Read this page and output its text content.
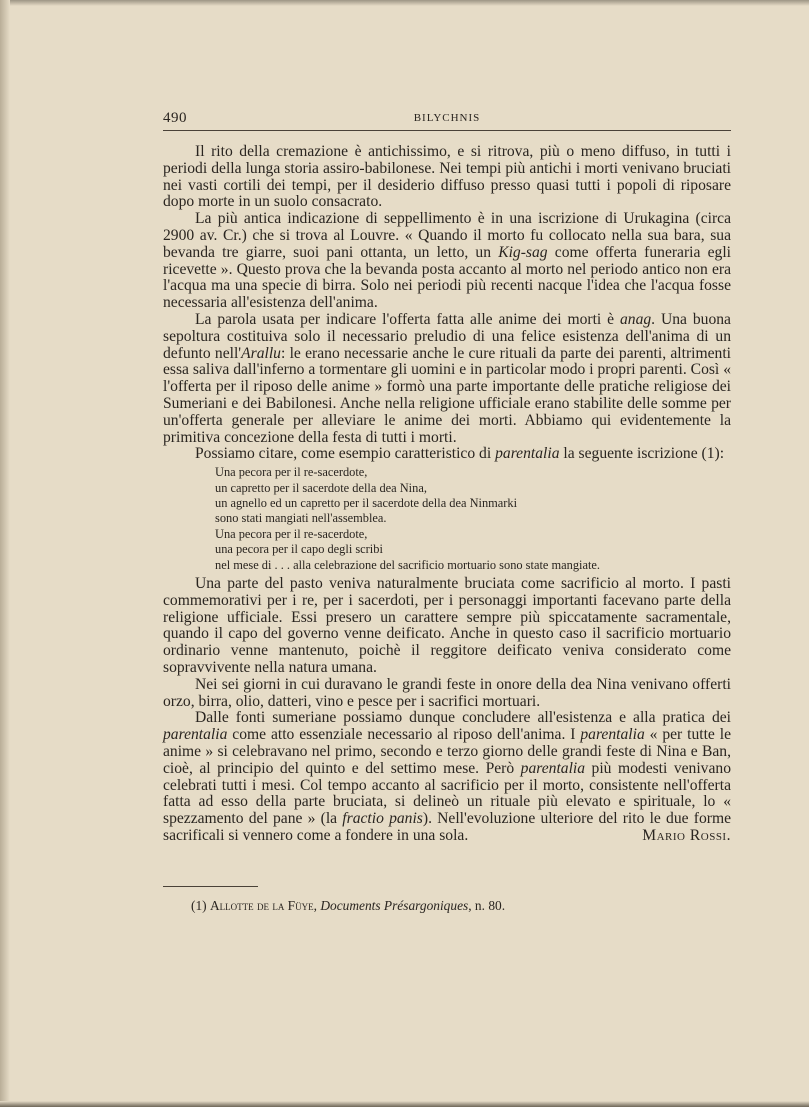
490	BILYCHNIS

Il rito della cremazione è antichissimo, e si ritrova, più o meno diffuso, in tutti i periodi della lunga storia assiro-babilonese. Nei tempi più antichi i morti venivano bruciati nei vasti cortili dei tempi, per il desiderio diffuso presso quasi tutti i popoli di riposare dopo morte in un suolo consacrato.

La più antica indicazione di seppellimento è in una iscrizione di Urukagina (circa 2900 av. Cr.) che si trova al Louvre. « Quando il morto fu collocato nella sua bara, sua bevanda tre giarre, suoi pani ottanta, un letto, un Kig-sag come offerta funeraria egli ricevette ». Questo prova che la bevanda posta accanto al morto nel periodo antico non era l'acqua ma una specie di birra. Solo nei periodi più recenti nacque l'idea che l'acqua fosse necessaria all'esistenza dell'anima.

La parola usata per indicare l'offerta fatta alle anime dei morti è anag. Una buona sepoltura costituiva solo il necessario preludio di una felice esistenza dell'anima di un defunto nell'Arallu: le erano necessarie anche le cure rituali da parte dei parenti, altrimenti essa saliva dall'inferno a tormentare gli uomini e in particolar modo i propri parenti. Così « l'offerta per il riposo delle anime » formò una parte importante delle pratiche religiose dei Sumeriani e dei Babilonesi. Anche nella religione ufficiale erano stabilite delle somme per un'offerta generale per alleviare le anime dei morti. Abbiamo qui evidentemente la primitiva concezione della festa di tutti i morti.

Possiamo citare, come esempio caratteristico di parentalia la seguente iscrizione (1):

Una pecora per il re-sacerdote,
un capretto per il sacerdote della dea Nina,
un agnello ed un capretto per il sacerdote della dea Ninmarki
sono stati mangiati nell'assemblea.
Una pecora per il re-sacerdote,
una pecora per il capo degli scribi
nel mese di . . . alla celebrazione del sacrificio mortuario sono state mangiate.

Una parte del pasto veniva naturalmente bruciata come sacrificio al morto. I pasti commemorativi per i re, per i sacerdoti, per i personaggi importanti facevano parte della religione ufficiale. Essi presero un carattere sempre più spiccatamente sacramentale, quando il capo del governo venne deificato. Anche in questo caso il sacrificio mortuario ordinario venne mantenuto, poichè il reggitore deificato veniva considerato come sopravvivente nella natura umana.

Nei sei giorni in cui duravano le grandi feste in onore della dea Nina venivano offerti orzo, birra, olio, datteri, vino e pesce per i sacrifici mortuari.

Dalle fonti sumeriane possiamo dunque concludere all'esistenza e alla pratica dei parentalia come atto essenziale necessario al riposo dell'anima. I parentalia « per tutte le anime » si celebravano nel primo, secondo e terzo giorno delle grandi feste di Nina e Ban, cioè, al principio del quinto e del settimo mese. Però parentalia più modesti venivano celebrati tutti i mesi. Col tempo accanto al sacrificio per il morto, consistente nell'offerta fatta ad esso della parte bruciata, si delineò un rituale più elevato e spirituale, lo « spezzamento del pane » (la fractio panis). Nell'evoluzione ulteriore del rito le due forme sacrificali si vennero come a fondere in una sola.	Mario Rossi.

(1) Allotte de la Füye, Documents Présargoniques, n. 80.
